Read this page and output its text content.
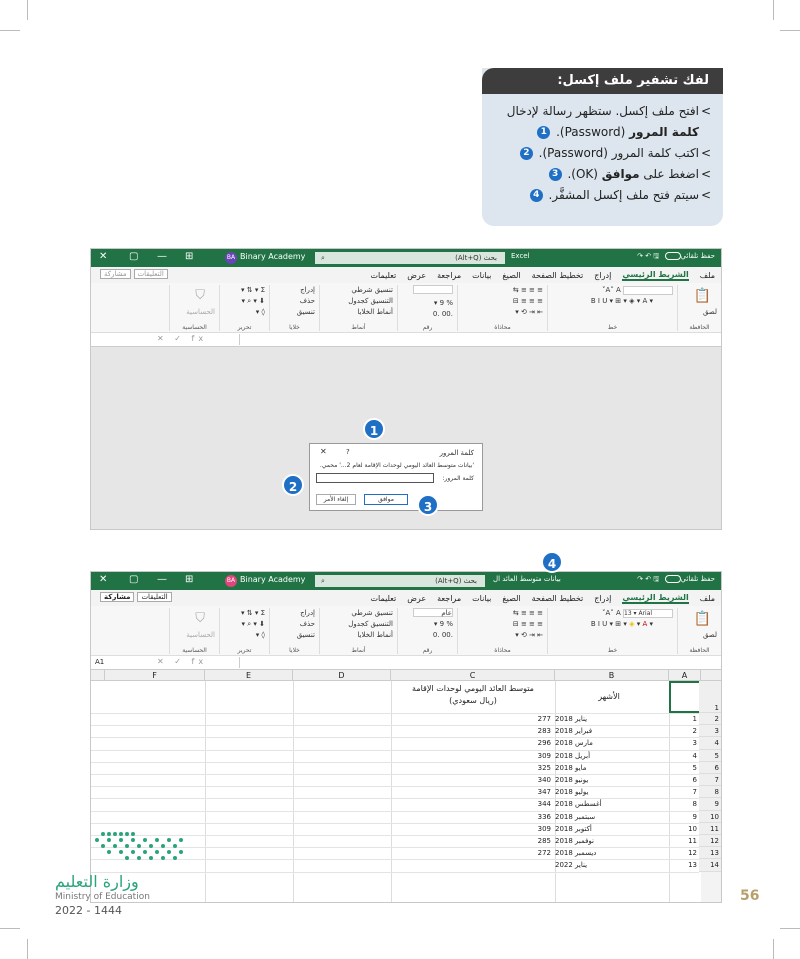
لفك تشفير ملف إكسل:
> افتح ملف إكسل. ستظهر رسالة لإدخال كلمة المرور (Password). 1
> اكتب كلمة المرور (Password). 2
> اضغط على موافق (OK). 3
> سيتم فتح ملف إكسل المشفَّر. 4
✕ ▢ — ⊞	BA Binary Academy ⌕	بحث (Alt+Q)	Excel	حفظ تلقائي 🖫 ↶ ↷
ملف
الشريط الرئيسي
إدراج
تخطيط الصفحة
الصيغ
بيانات
مراجعة
عرض
تعليمات
التعليقات
مشاركة
📋
لصق
الحافظة
A˄ A˅
B I U ▾ ⊞ ▾ ◈ ▾ A ▾
خط
≡ ≡ ≡ ⇆
≡ ≡ ≡ ⊟
⇤ ⇥ ⟲ ▾
محاذاة
% 9 ▾
.00 .0
رقم
تنسيق شرطي
التنسيق كجدول
أنماط الخلايا
أنماط
إدراج
حذف
تنسيق
خلايا
Σ ▾ ⇅ ▾
⬇ ▾ ⌕ ▾
◊ ▾
تحرير
⛉
الحساسية
الحساسية
✕ ✓ fx
كلمة المرور
?
✕
'بيانات متوسط العائد اليومي لوحدات الإقامة لعام 2...' محمي.
كلمة المرور:
موافق
إلغاء الأمر
1
2
3
✕ ▢ — ⊞	BA Binary Academy ⌕	بحث (Alt+Q)	بيانات متوسط العائد ال	حفظ تلقائي 🖫 ↶ ↷
ملف
الشريط الرئيسي
إدراج
تخطيط الصفحة
الصيغ
بيانات
مراجعة
عرض
تعليمات
التعليقات
مشاركة
📋
لصق
الحافظة
13 ▾ Arial A˄ A˅
B I U ▾ ⊞ ▾ ◈ ▾ A ▾
خط
≡ ≡ ≡ ⇆
≡ ≡ ≡ ⊟
⇤ ⇥ ⟲ ▾
محاذاة
عام
% 9 ▾
.00 .0
رقم
تنسيق شرطي
التنسيق كجدول
أنماط الخلايا
أنماط
إدراج
حذف
تنسيق
خلايا
Σ ▾ ⇅ ▾
⬇ ▾ ⌕ ▾
◊ ▾
تحرير
⛉
الحساسية
الحساسية
A1	✕ ✓ fx
F	E	D	C	B	A
متوسط العائد اليومي لوحدات الإقامة
(ريال سعودي)	الأشهر
1
2
1
يناير 2018
277
3
2
فبراير 2018
283
4
3
مارس 2018
296
5
4
أبريل 2018
309
6
5
مايو 2018
325
7
6
يونيو 2018
340
8
7
يوليو 2018
347
9
8
أغسطس 2018
344
10
9
سبتمبر 2018
336
11
10
أكتوبر 2018
309
12
11
نوفمبر 2018
285
13
12
ديسمبر 2018
272
14
13
يناير 2022
4
وزارة التعليم
Ministry of Education
2022 - 1444
56
